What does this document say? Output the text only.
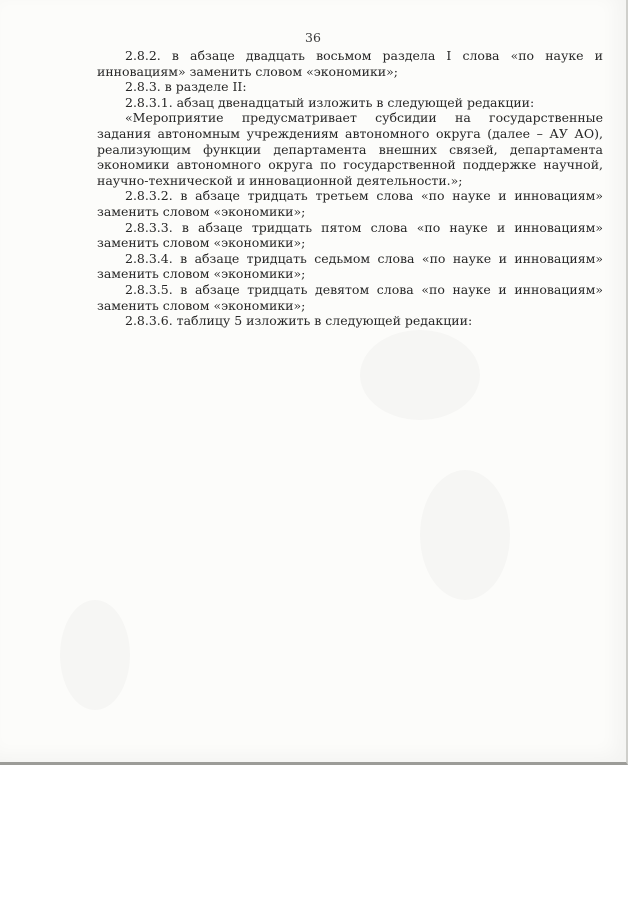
36

2.8.2. в абзаце двадцать восьмом раздела I слова «по науке и инновациям» заменить словом «экономики»;

2.8.3. в разделе II:

2.8.3.1. абзац двенадцатый изложить в следующей редакции:

«Мероприятие предусматривает субсидии на государственные задания автономным учреждениям автономного округа (далее – АУ АО), реализующим функции департамента внешних связей, департамента экономики автономного округа по государственной поддержке научной, научно-технической и инновационной деятельности.»;

2.8.3.2. в абзаце тридцать третьем слова «по науке и инновациям» заменить словом «экономики»;

2.8.3.3. в абзаце тридцать пятом слова «по науке и инновациям» заменить словом «экономики»;

2.8.3.4. в абзаце тридцать седьмом слова «по науке и инновациям» заменить словом «экономики»;

2.8.3.5. в абзаце тридцать девятом слова «по науке и инновациям» заменить словом «экономики»;

2.8.3.6. таблицу 5 изложить в следующей редакции:
